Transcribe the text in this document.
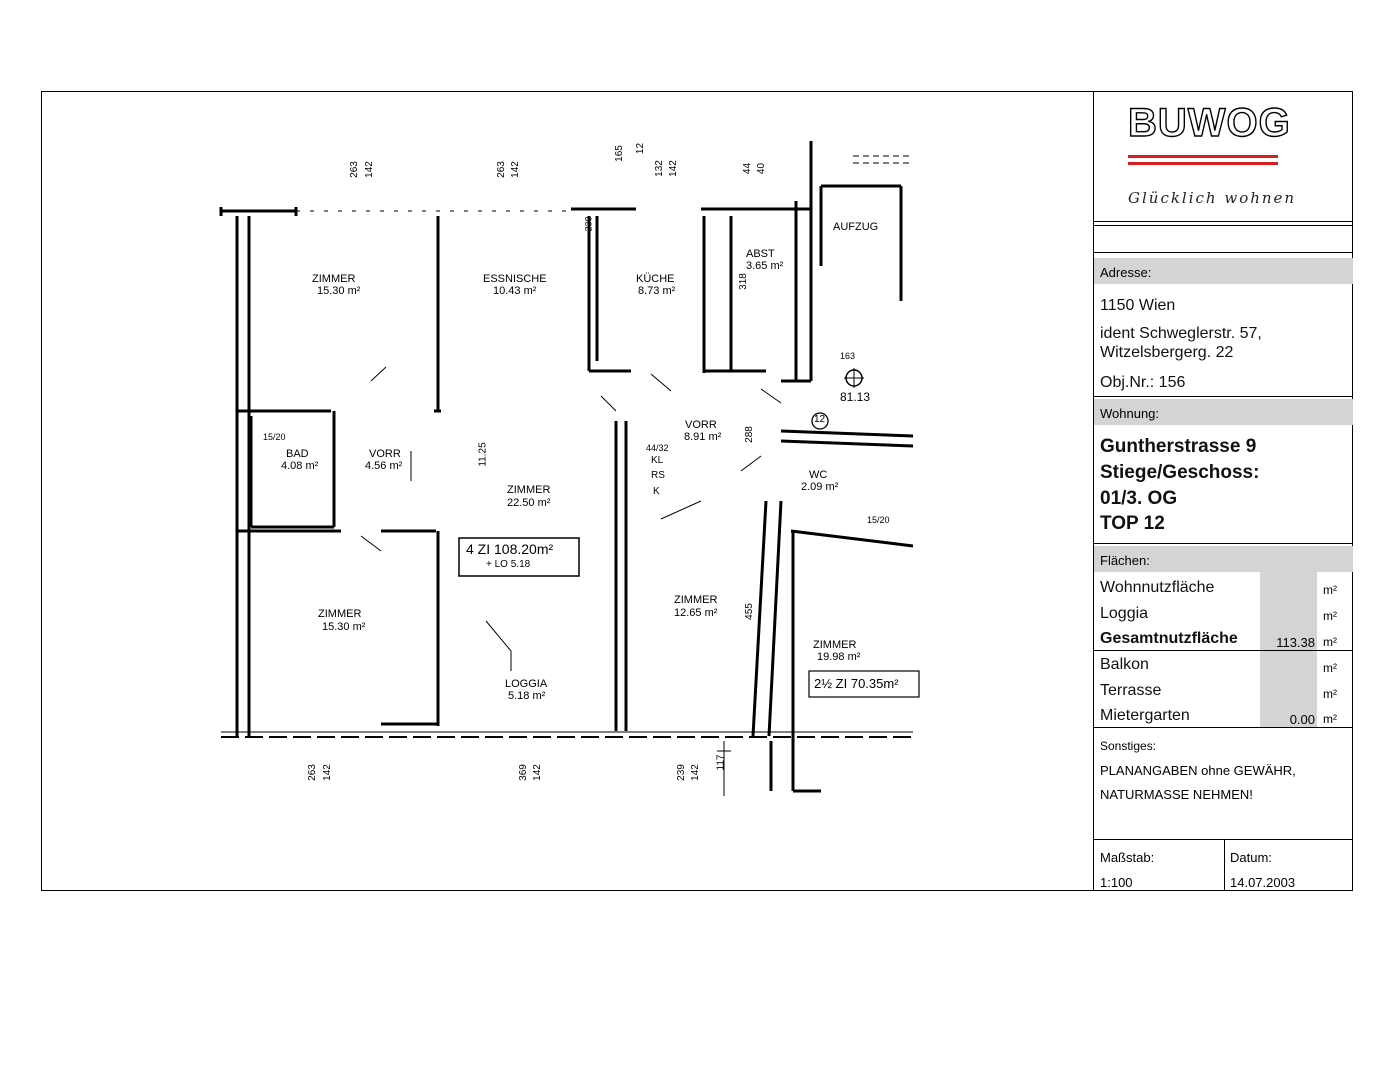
ZIMMER
15.30 m²
ESSNISCHE
10.43 m²
KÜCHE
8.73 m²
ABST
3.65 m²
AUFZUG
BAD
4.08 m²
VORR
4.56 m²
ZIMMER
22.50 m²
VORR
8.91 m²
WC
2.09 m²
ZIMMER
15.30 m²
ZIMMER
12.65 m²
ZIMMER
19.98 m²
LOGGIA
5.18 m²
4 ZI 108.20m²
+ LO 5.18
2½ ZI 70.35m²
12
81.13
163
263 142	263 142
165 12
132 142	44 40
263 142	369 142	239 142
117
11.25
318
288
455
230
15/20
44/32
15/20
KL
RS
K
BUWOG
Glücklich wohnen
Adresse:
1150 Wien
ident Schweglerstr. 57,
Witzelsbergerg. 22
Obj.Nr.: 156
Wohnung:
Guntherstrasse 9
Stiege/Geschoss:
01/3. OG
TOP 12
Flächen:
Wohnnutzfläche	m²
Loggia	m²
Gesamtnutzfläche	113.38 m²
Balkon	m²
Terrasse	m²
Mietergarten	0.00 m²
Sonstiges:
PLANANGABEN ohne GEWÄHR,
NATURMASSE NEHMEN!
Maßstab:
1:100
Datum:
14.07.2003
